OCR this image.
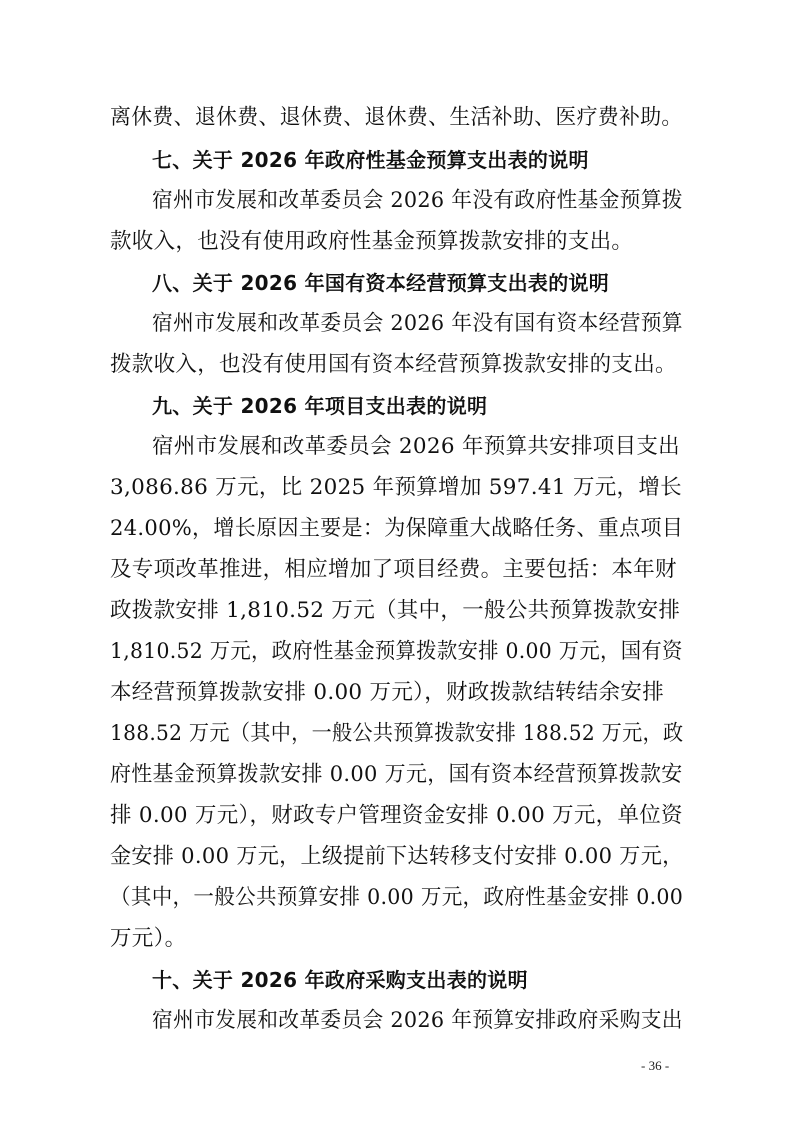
离休费、退休费、退休费、退休费、生活补助、医疗费补助。
七、关于 2026 年政府性基金预算支出表的说明
宿州市发展和改革委员会 2026 年没有政府性基金预算拨
款收入，也没有使用政府性基金预算拨款安排的支出。
八、关于 2026 年国有资本经营预算支出表的说明
宿州市发展和改革委员会 2026 年没有国有资本经营预算
拨款收入，也没有使用国有资本经营预算拨款安排的支出。
九、关于 2026 年项目支出表的说明
宿州市发展和改革委员会 2026 年预算共安排项目支出
3,086.86 万元，比 2025 年预算增加 597.41 万元，增长
24.00%，增长原因主要是：为保障重大战略任务、重点项目
及专项改革推进，相应增加了项目经费。主要包括：本年财
政拨款安排 1,810.52 万元（其中，一般公共预算拨款安排
1,810.52 万元，政府性基金预算拨款安排 0.00 万元，国有资
本经营预算拨款安排 0.00 万元），财政拨款结转结余安排
188.52 万元（其中，一般公共预算拨款安排 188.52 万元，政
府性基金预算拨款安排 0.00 万元，国有资本经营预算拨款安
排 0.00 万元），财政专户管理资金安排 0.00 万元，单位资
金安排 0.00 万元，上级提前下达转移支付安排 0.00 万元，
（其中，一般公共预算安排 0.00 万元，政府性基金安排 0.00
万元）。
十、关于 2026 年政府采购支出表的说明
宿州市发展和改革委员会 2026 年预算安排政府采购支出
- 36 -
